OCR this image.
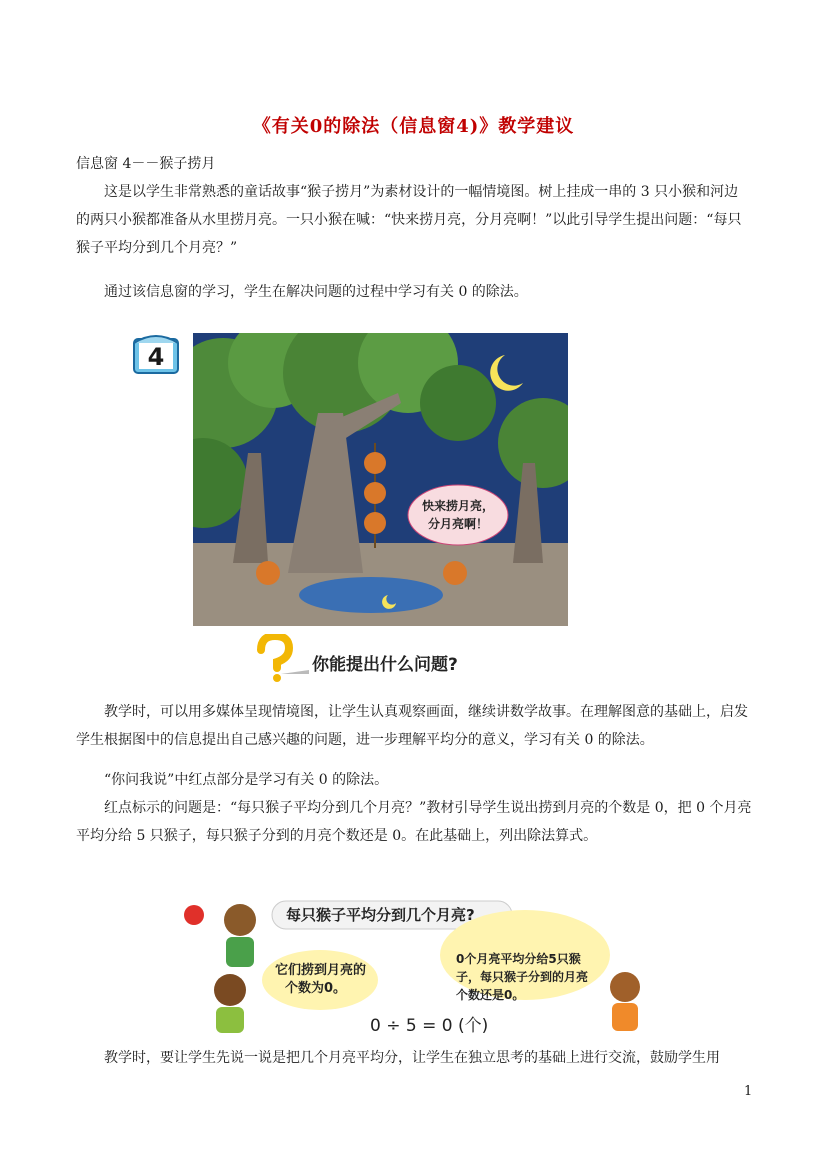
《有关0的除法（信息窗4)》教学建议
信息窗 4－－猴子捞月
这是以学生非常熟悉的童话故事“猴子捞月”为素材设计的一幅情境图。树上挂成一串的 3 只小猴和河边的两只小猴都准备从水里捞月亮。一只小猴在喊：“快来捞月亮，分月亮啊！”以此引导学生提出问题：“每只猴子平均分到几个月亮？”
通过该信息窗的学习，学生在解决问题的过程中学习有关 0 的除法。
4
快来捞月亮，
分月亮啊！
你能提出什么问题?
教学时，可以用多媒体呈现情境图，让学生认真观察画面，继续讲数学故事。在理解图意的基础上，启发学生根据图中的信息提出自己感兴趣的问题，进一步理解平均分的意义，学习有关 0 的除法。
“你问我说”中红点部分是学习有关 0 的除法。
红点标示的问题是：“每只猴子平均分到几个月亮？”教材引导学生说出捞到月亮的个数是 0，把 0 个月亮平均分给 5 只猴子，每只猴子分到的月亮个数还是 0。在此基础上，列出除法算式。
每只猴子平均分到几个月亮?
它们捞到月亮的
个数为0。
0个月亮平均分给5只猴
子，每只猴子分到的月亮
个数还是0。
0 ÷ 5 = 0 (个)
教学时，要让学生先说一说是把几个月亮平均分，让学生在独立思考的基础上进行交流，鼓励学生用
1
